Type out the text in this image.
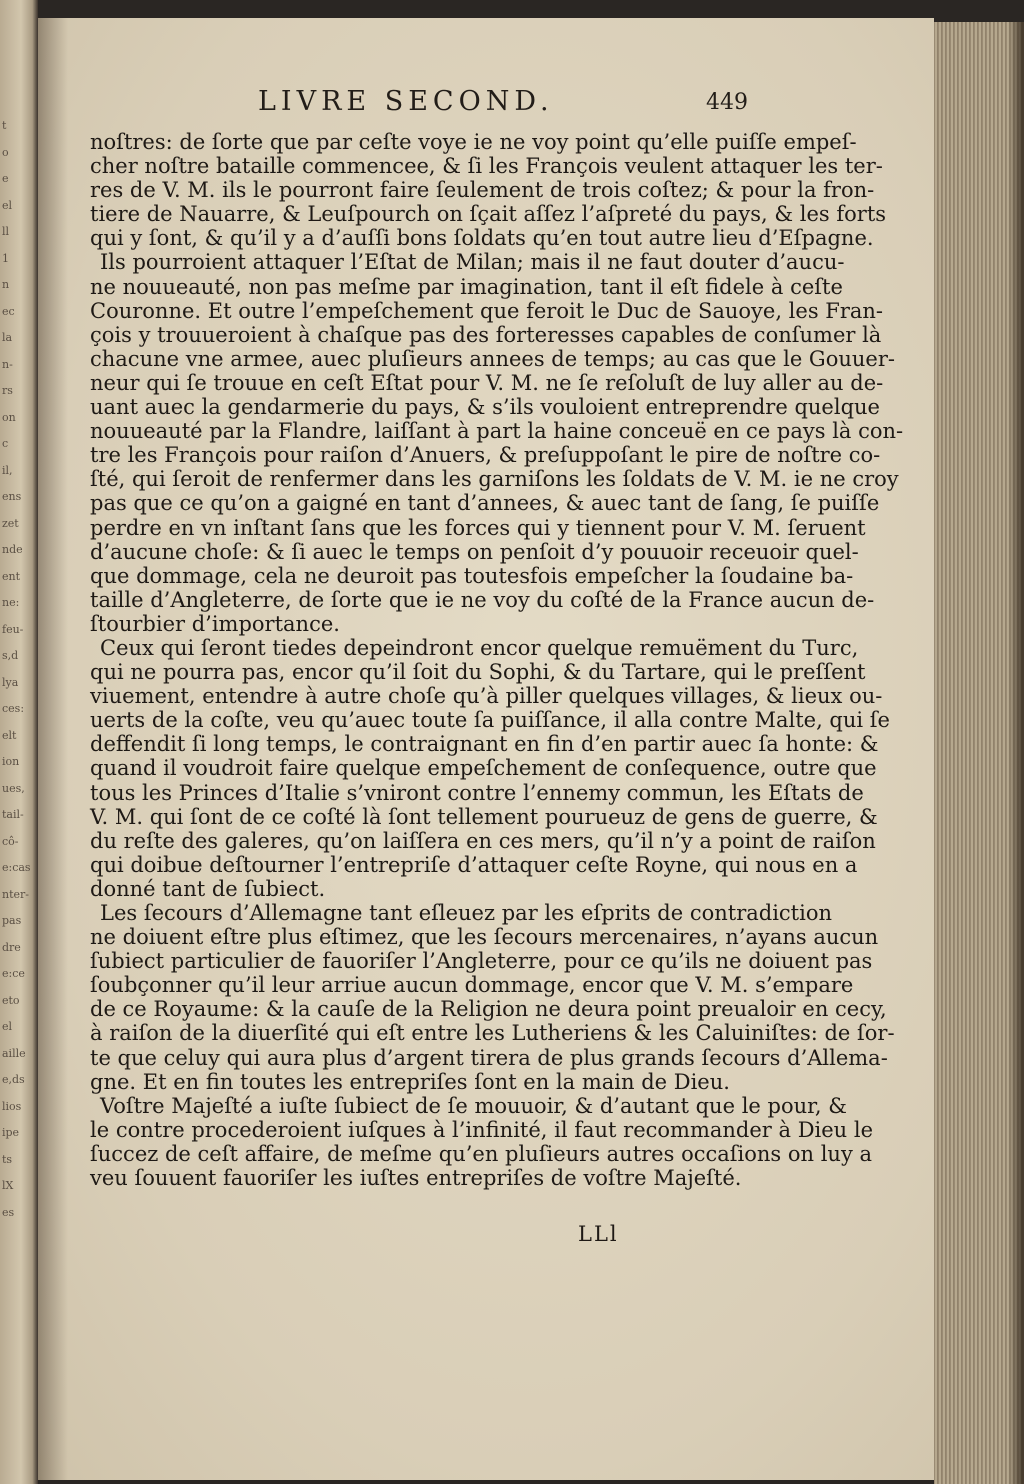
t
o
e
el
ll
1
n
ec
la
n-
rs
on
c
il,
ens
zet
nde
ent
ne:
feu-
s,d
lya
ces:
elt
ion
ues,
tail-
cô-
e:cas
nter-
pas
dre
e:ce
eto
el
aille
e,ds
lios
ipe
ts
lX
es
LIVRE SECOND.	449
noſtres: de ſorte que par ceſte voye ie ne voy point qu’elle puiſſe empeſ-
cher noſtre bataille commencee, & ſi les François veulent attaquer les ter-
res de V. M. ils le pourront faire ſeulement de trois coſtez; & pour la fron-
tiere de Nauarre, & Leuſpourch on ſçait aſſez l’aſpreté du pays, & les forts
qui y ſont, & qu’il y a d’auſſi bons ſoldats qu’en tout autre lieu d’Eſpagne.
Ils pourroient attaquer l’Eſtat de Milan; mais il ne faut douter d’aucu-
ne nouueauté, non pas meſme par imagination, tant il eſt fidele à ceſte
Couronne. Et outre l’empeſchement que feroit le Duc de Sauoye, les Fran-
çois y trouueroient à chaſque pas des forteresses capables de conſumer là
chacune vne armee, auec pluſieurs annees de temps; au cas que le Gouuer-
neur qui ſe trouue en ceſt Eſtat pour V. M. ne ſe reſoluſt de luy aller au de-
uant auec la gendarmerie du pays, & s’ils vouloient entreprendre quelque
nouueauté par la Flandre, laiſſant à part la haine conceuë en ce pays là con-
tre les François pour raiſon d’Anuers, & preſuppoſant le pire de noſtre co-
ſté, qui ſeroit de renfermer dans les garniſons les ſoldats de V. M. ie ne croy
pas que ce qu’on a gaigné en tant d’annees, & auec tant de ſang, ſe puiſſe
perdre en vn inſtant ſans que les forces qui y tiennent pour V. M. ſeruent
d’aucune choſe: & ſi auec le temps on penſoit d’y pouuoir receuoir quel-
que dommage, cela ne deuroit pas toutesfois empeſcher la ſoudaine ba-
taille d’Angleterre, de ſorte que ie ne voy du coſté de la France aucun de-
ſtourbier d’importance.
Ceux qui ſeront tiedes depeindront encor quelque remuëment du Turc,
qui ne pourra pas, encor qu’il ſoit du Sophi, & du Tartare, qui le preſſent
viuement, entendre à autre choſe qu’à piller quelques villages, & lieux ou-
uerts de la coſte, veu qu’auec toute ſa puiſſance, il alla contre Malte, qui ſe
deffendit ſi long temps, le contraignant en fin d’en partir auec ſa honte: &
quand il voudroit faire quelque empeſchement de conſequence, outre que
tous les Princes d’Italie s’vniront contre l’ennemy commun, les Eſtats de
V. M. qui ſont de ce coſté là ſont tellement pourueuz de gens de guerre, &
du reſte des galeres, qu’on laiſſera en ces mers, qu’il n’y a point de raiſon
qui doibue deſtourner l’entrepriſe d’attaquer ceſte Royne, qui nous en a
donné tant de ſubiect.
Les ſecours d’Allemagne tant eſleuez par les eſprits de contradiction
ne doiuent eſtre plus eſtimez, que les ſecours mercenaires, n’ayans aucun
ſubiect particulier de fauoriſer l’Angleterre, pour ce qu’ils ne doiuent pas
ſoubçonner qu’il leur arriue aucun dommage, encor que V. M. s’empare
de ce Royaume: & la cauſe de la Religion ne deura point preualoir en cecy,
à raiſon de la diuerſité qui eſt entre les Lutheriens & les Caluiniſtes: de ſor-
te que celuy qui aura plus d’argent tirera de plus grands ſecours d’Allema-
gne. Et en fin toutes les entrepriſes ſont en la main de Dieu.
Voſtre Majeſté a iuſte ſubiect de ſe mouuoir, & d’autant que le pour, &
le contre procederoient iuſques à l’infinité, il faut recommander à Dieu le
ſuccez de ceſt affaire, de meſme qu’en pluſieurs autres occaſions on luy a
veu ſouuent fauoriſer les iuſtes entrepriſes de voſtre Majeſté.
LLl
